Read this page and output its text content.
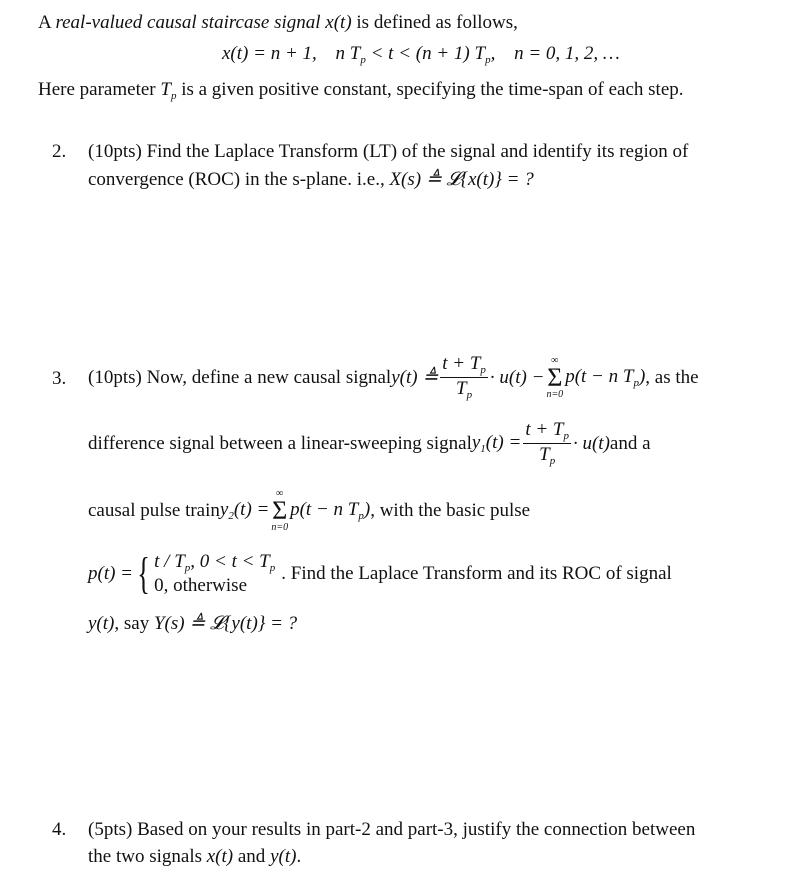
A real-valued causal staircase signal x(t) is defined as follows,
x(t) = n + 1, n $T_p < t < (n + 1)$ $T_p$, n = 0, 1, 2, …
Here parameter $T_p$ is a given positive constant, specifying the time-span of each step.
2. (10pts) Find the Laplace Transform (LT) of the signal and identify its region of
convergence (ROC) in the s-plane. i.e., X(s) ≜ 𝓛{x(t)} = ?
3. (10pts) Now, define a new causal signal y(t) ≜ $\frac{t + T_p}{T_p} \cdot u(t)$ −
∞
Σ
n=0
p(t − n $T_p$) , as the
difference signal between a linear-sweeping signal $y_1(t) = \frac{t + T_p}{T_p} \cdot u(t)$ and a
causal pulse train $y_2(t)$ =
∞
Σ
n=0
p(t − n $T_p$) , with the basic pulse
p(t) = { t / $T_p$, $0 < t < T_p$
0, otherwise
. Find the Laplace Transform and its ROC of signal
y(t), say Y(s) ≜ 𝓛{y(t)} = ?
4. (5pts) Based on your results in part-2 and part-3, justify the connection between
the two signals x(t) and y(t).
